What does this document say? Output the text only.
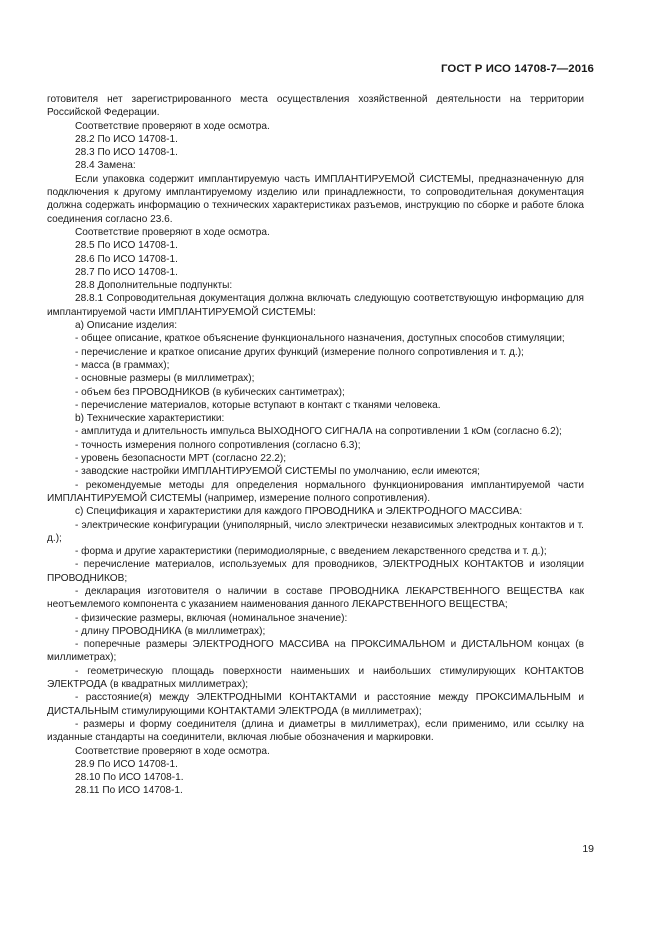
ГОСТ Р ИСО 14708-7—2016

готовителя нет зарегистрированного места осуществления хозяйственной деятельности на территории Российской Федерации.

Соответствие проверяют в ходе осмотра.

28.2 По ИСО 14708-1.

28.3 По ИСО 14708-1.

28.4 Замена:

Если упаковка содержит имплантируемую часть ИМПЛАНТИРУЕМОЙ СИСТЕМЫ, предназначенную для подключения к другому имплантируемому изделию или принадлежности, то сопроводительная документация должна содержать информацию о технических характеристиках разъемов, инструкцию по сборке и работе блока соединения согласно 23.6.

Соответствие проверяют в ходе осмотра.

28.5 По ИСО 14708-1.

28.6 По ИСО 14708-1.

28.7 По ИСО 14708-1.

28.8 Дополнительные подпункты:

28.8.1 Сопроводительная документация должна включать следующую соответствующую информацию для имплантируемой части ИМПЛАНТИРУЕМОЙ СИСТЕМЫ:

а) Описание изделия:

- общее описание, краткое объяснение функционального назначения, доступных способов стимуляции;

- перечисление и краткое описание других функций (измерение полного сопротивления и т. д.);

- масса (в граммах);

- основные размеры (в миллиметрах);

- объем без ПРОВОДНИКОВ (в кубических сантиметрах);

- перечисление материалов, которые вступают в контакт с тканями человека.

b) Технические характеристики:

- амплитуда и длительность импульса ВЫХОДНОГО СИГНАЛА на сопротивлении 1 кОм (согласно 6.2);

- точность измерения полного сопротивления (согласно 6.3);

- уровень безопасности МРТ (согласно 22.2);

- заводские настройки ИМПЛАНТИРУЕМОЙ СИСТЕМЫ по умолчанию, если имеются;

- рекомендуемые методы для определения нормального функционирования имплантируемой части ИМПЛАНТИРУЕМОЙ СИСТЕМЫ (например, измерение полного сопротивления).

c) Спецификация и характеристики для каждого ПРОВОДНИКА и ЭЛЕКТРОДНОГО МАССИВА:

- электрические конфигурации (униполярный, число электрически независимых электродных контактов и т. д.);

- форма и другие характеристики (перимодиолярные, с введением лекарственного средства и т. д.);

- перечисление материалов, используемых для проводников, ЭЛЕКТРОДНЫХ КОНТАКТОВ и изоляции ПРОВОДНИКОВ;

- декларация изготовителя о наличии в составе ПРОВОДНИКА ЛЕКАРСТВЕННОГО ВЕЩЕСТВА как неотъемлемого компонента с указанием наименования данного ЛЕКАРСТВЕННОГО ВЕЩЕСТВА;

- физические размеры, включая (номинальное значение):

- длину ПРОВОДНИКА (в миллиметрах);

- поперечные размеры ЭЛЕКТРОДНОГО МАССИВА на ПРОКСИМАЛЬНОМ и ДИСТАЛЬНОМ концах (в миллиметрах);

- геометрическую площадь поверхности наименьших и наибольших стимулирующих КОНТАКТОВ ЭЛЕКТРОДА (в квадратных миллиметрах);

- расстояние(я) между ЭЛЕКТРОДНЫМИ КОНТАКТАМИ и расстояние между ПРОКСИМАЛЬНЫМ и ДИСТАЛЬНЫМ стимулирующими КОНТАКТАМИ ЭЛЕКТРОДА (в миллиметрах);

- размеры и форму соединителя (длина и диаметры в миллиметрах), если применимо, или ссылку на изданные стандарты на соединители, включая любые обозначения и маркировки.

Соответствие проверяют в ходе осмотра.

28.9 По ИСО 14708-1.

28.10 По ИСО 14708-1.

28.11 По ИСО 14708-1.

19
